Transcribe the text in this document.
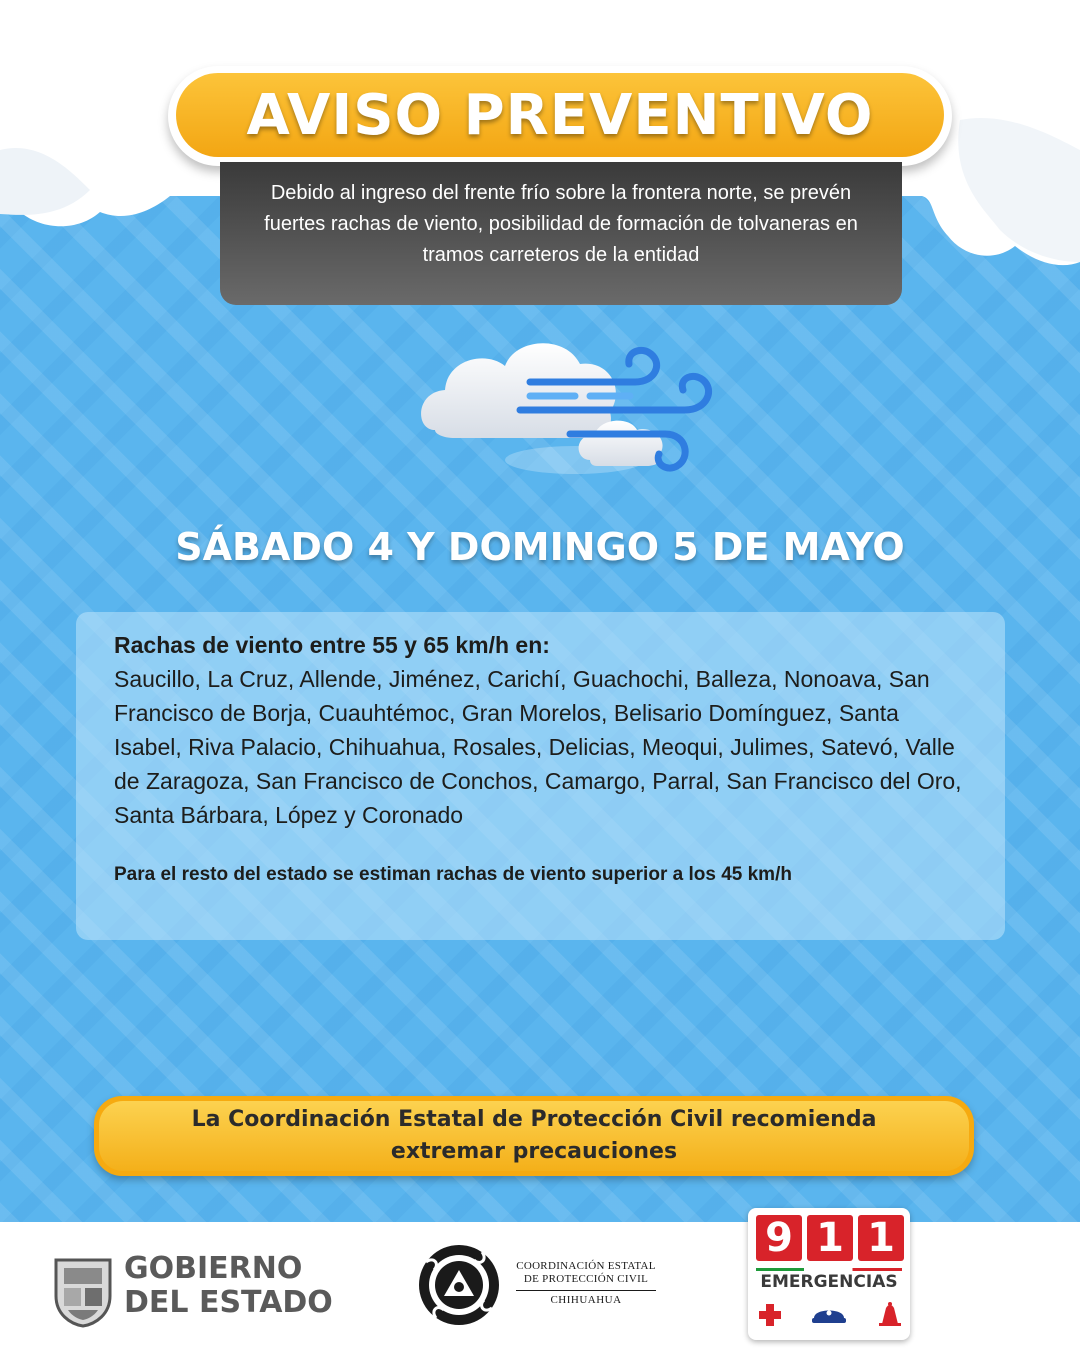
AVISO PREVENTIVO

Debido al ingreso del frente frío sobre la frontera norte, se prevén fuertes rachas de viento, posibilidad de formación de tolvaneras en tramos carreteros de la entidad

SÁBADO 4 Y DOMINGO 5 DE MAYO

Rachas de viento entre 55 y 65 km/h en:

Saucillo, La Cruz, Allende, Jiménez, Carichí, Guachochi, Balleza, Nonoava, San Francisco de Borja, Cuauhtémoc, Gran Morelos, Belisario Domínguez, Santa Isabel, Riva Palacio, Chihuahua, Rosales, Delicias, Meoqui, Julimes, Satevó, Valle de Zaragoza, San Francisco de Conchos, Camargo, Parral, San Francisco del Oro, Santa Bárbara, López y Coronado

Para el resto del estado se estiman rachas de viento superior a los 45 km/h

La Coordinación Estatal de Protección Civil recomienda
extremar precauciones
GOBIERNO
DEL ESTADO
COORDINACIÓN ESTATAL
DE PROTECCIÓN CIVIL
CHIHUAHUA
9 1 1
EMERGENCIAS
